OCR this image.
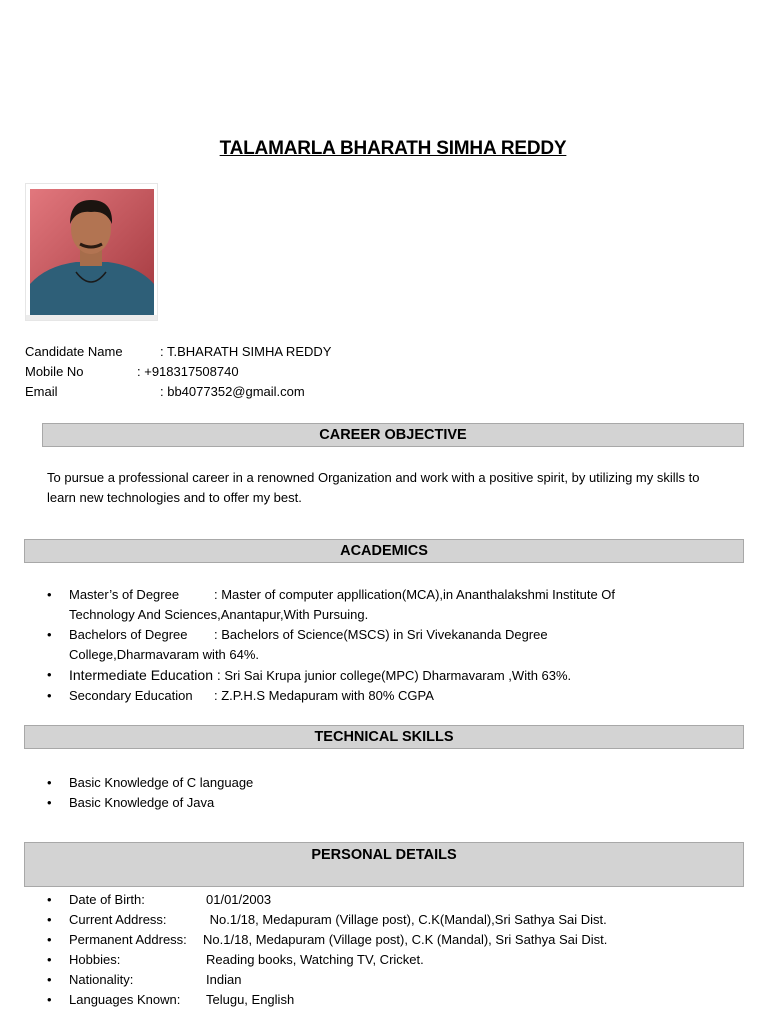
TALAMARLA BHARATH SIMHA REDDY
Candidate Name	: T.BHARATH SIMHA REDDY
Mobile No	: +918317508740
Email	: bb4077352@gmail.com
CAREER OBJECTIVE
To pursue a professional career in a renowned Organization and work with a positive spirit, by utilizing my skills to learn new technologies and to offer my best.
ACADEMICS
• Master’s of Degree	: Master of computer appllication(MCA),in Ananthalakshmi Institute Of Technology And Sciences,Anantapur,With Pursuing.
• Bachelors of Degree : Bachelors of Science(MSCS) in Sri Vivekananda Degree College,Dharmavaram with 64%.
• Intermediate Education : Sri Sai Krupa junior college(MPC) Dharmavaram ,With 63%.
• Secondary Education : Z.P.H.S Medapuram with 80% CGPA
TECHNICAL SKILLS
• Basic Knowledge of C language
• Basic Knowledge of Java
PERSONAL DETAILS
• Date of Birth:	01/01/2003
• Current Address:	No.1/18, Medapuram (Village post), C.K(Mandal),Sri Sathya Sai Dist.
• Permanent Address: No.1/18, Medapuram (Village post), C.K (Mandal), Sri Sathya Sai Dist.
• Hobbies:	Reading books, Watching TV, Cricket.
• Nationality:	Indian
• Languages Known: Telugu, English
